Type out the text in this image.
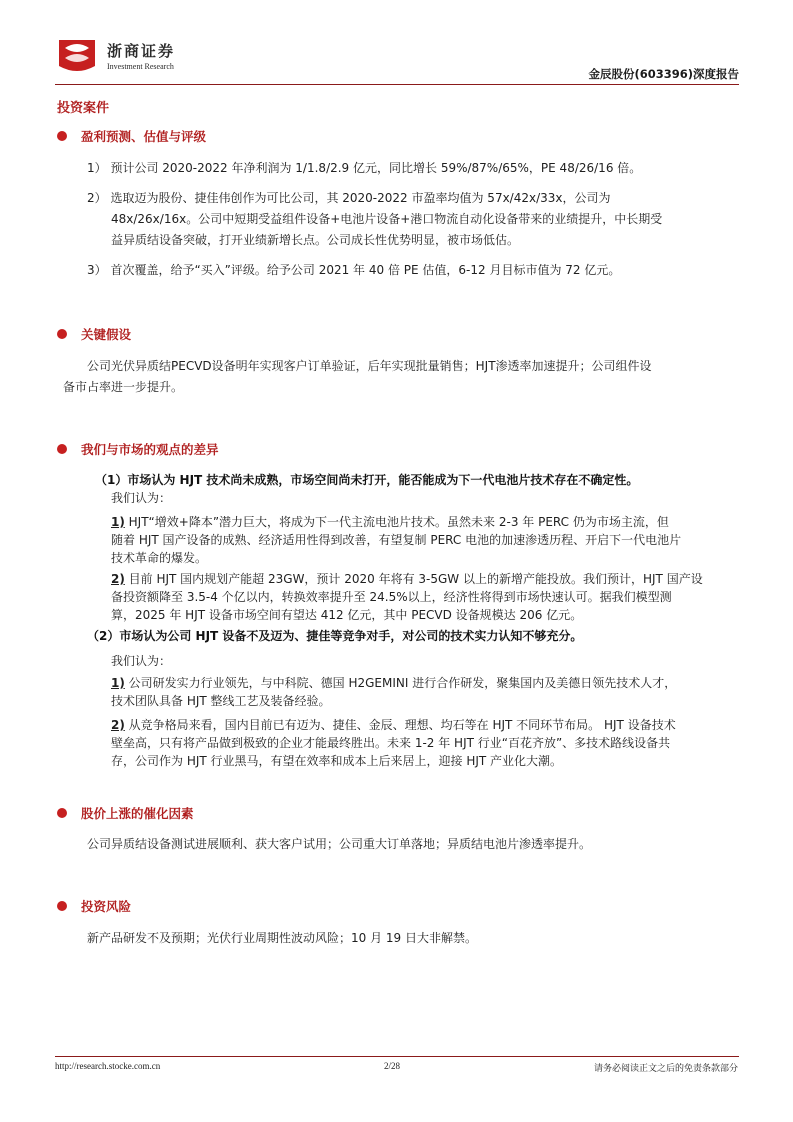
浙商证券
Investment Research
金辰股份(603396)深度报告
投资案件
盈利预测、估值与评级
1） 预计公司 2020-2022 年净利润为 1/1.8/2.9 亿元，同比增长 59%/87%/65%，PE 48/26/16 倍。
2） 选取迈为股份、捷佳伟创作为可比公司，其 2020-2022 市盈率均值为 57x/42x/33x，公司为
48x/26x/16x。公司中短期受益组件设备+电池片设备+港口物流自动化设备带来的业绩提升，中长期受
益异质结设备突破，打开业绩新增长点。公司成长性优势明显，被市场低估。
3） 首次覆盖，给予“买入”评级。给予公司 2021 年 40 倍 PE 估值，6-12 月目标市值为 72 亿元。
关键假设
公司光伏异质结PECVD设备明年实现客户订单验证，后年实现批量销售；HJT渗透率加速提升；公司组件设
备市占率进一步提升。
我们与市场的观点的差异
（1）市场认为 HJT 技术尚未成熟，市场空间尚未打开，能否能成为下一代电池片技术存在不确定性。
我们认为：
1) HJT“增效+降本”潜力巨大，将成为下一代主流电池片技术。虽然未来 2-3 年 PERC 仍为市场主流，但
随着 HJT 国产设备的成熟、经济适用性得到改善，有望复制 PERC 电池的加速渗透历程、开启下一代电池片
技术革命的爆发。
2) 目前 HJT 国内规划产能超 23GW，预计 2020 年将有 3-5GW 以上的新增产能投放。我们预计，HJT 国产设
备投资额降至 3.5-4 个亿以内，转换效率提升至 24.5%以上，经济性将得到市场快速认可。据我们模型测
算，2025 年 HJT 设备市场空间有望达 412 亿元，其中 PECVD 设备规模达 206 亿元。
（2）市场认为公司 HJT 设备不及迈为、捷佳等竞争对手，对公司的技术实力认知不够充分。
我们认为：
1) 公司研发实力行业领先，与中科院、德国 H2GEMINI 进行合作研发，聚集国内及美德日领先技术人才，
技术团队具备 HJT 整线工艺及装备经验。
2) 从竞争格局来看，国内目前已有迈为、捷佳、金辰、理想、均石等在 HJT 不同环节布局。 HJT 设备技术
壁垒高，只有将产品做到极致的企业才能最终胜出。未来 1-2 年 HJT 行业“百花齐放”、多技术路线设备共
存，公司作为 HJT 行业黑马，有望在效率和成本上后来居上，迎接 HJT 产业化大潮。
股价上涨的催化因素
公司异质结设备测试进展顺利、获大客户试用；公司重大订单落地；异质结电池片渗透率提升。
投资风险
新产品研发不及预期；光伏行业周期性波动风险；10 月 19 日大非解禁。
http://research.stocke.com.cn	2/28	请务必阅读正文之后的免责条款部分
